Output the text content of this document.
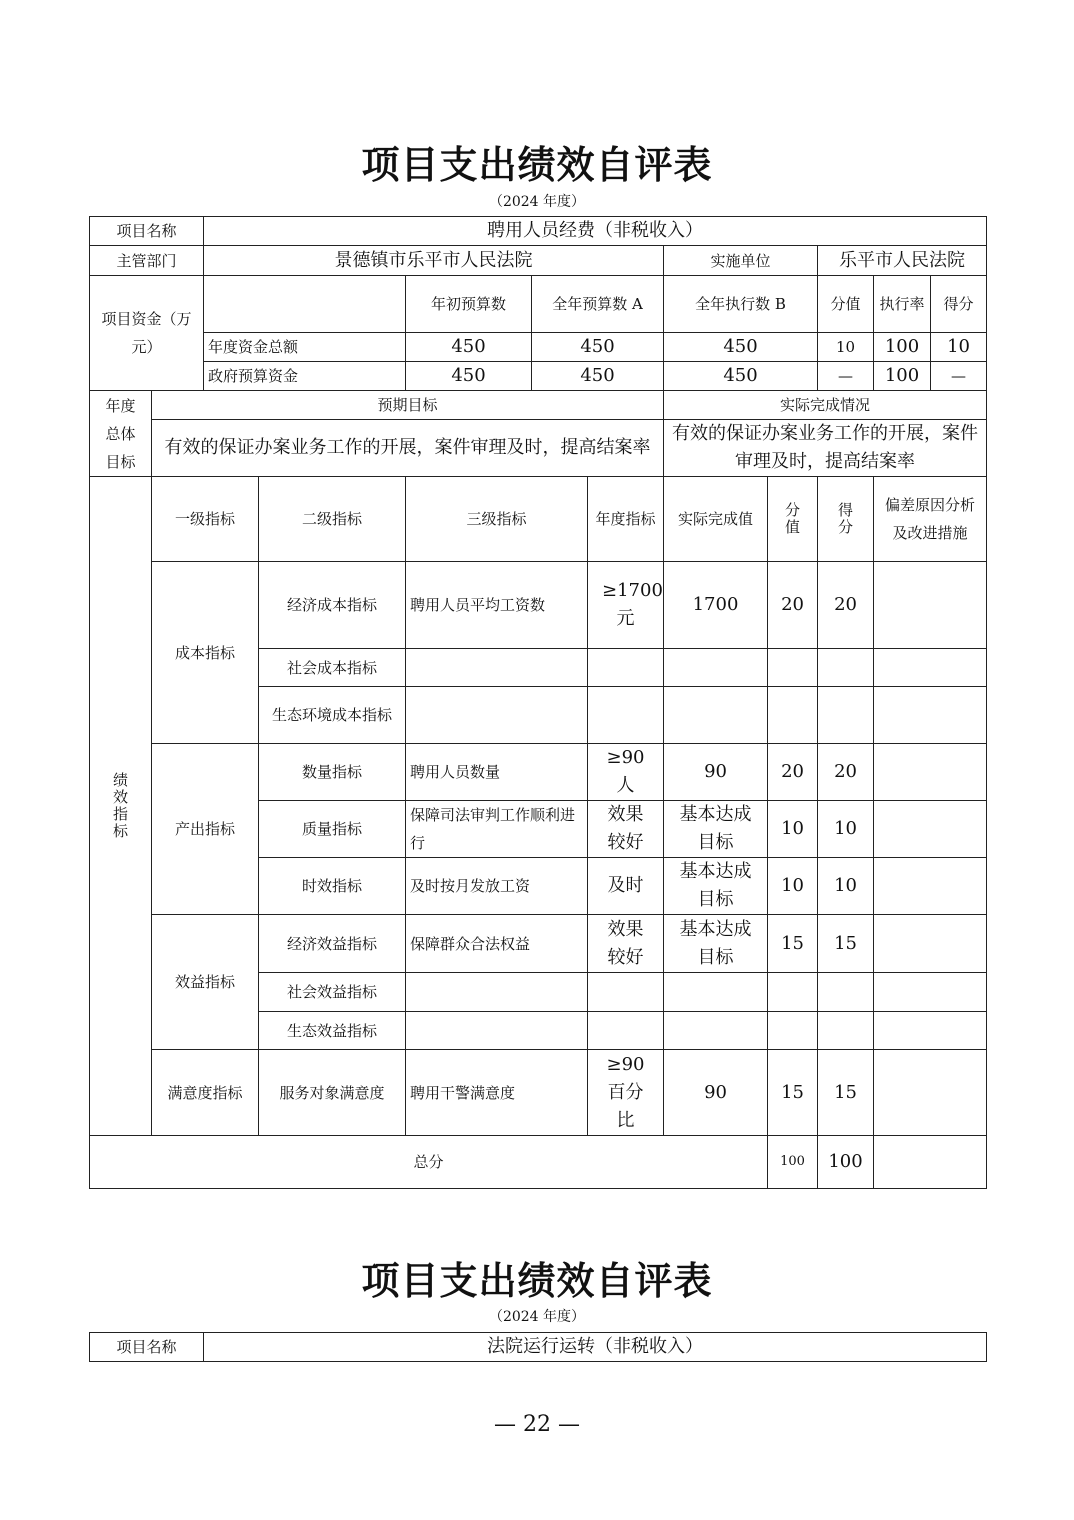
项目支出绩效自评表
（2024 年度）
项目名称		聘用人员经费（非税收入）									
主管部门		景德镇市乐平市人民法院					实施单位		乐平市人民法院		
项目资金（万元）				年初预算数	全年预算数 A		全年执行数 B		分值	执行率	得分
		年度资金总额		450	450		450		10	100	10
		政府预算资金		450	450		450		—	100	—

年度总体目标	预期目标						实际完成情况				
	有效的保证办案业务工作的开展，案件审理及时，提高结案率						有效的保证办案业务工作的开展，案件审理及时，提高结案率				

绩效指标	一级指标		二级指标	三级指标		年度指标	实际完成值	分值	得分	偏差原因分析及改进措施	
	成本指标		经济成本指标	聘用人员平均工资数		≥1700元	1700	20	20		
			社会成本指标								
			生态环境成本指标								
	产出指标		数量指标	聘用人员数量		≥90人	90	20	20		
			质量指标	保障司法审判工作顺利进行		效果较好	基本达成目标	10	10		
			时效指标	及时按月发放工资		及时	基本达成目标	10	10		
	效益指标		经济效益指标	保障群众合法权益		效果较好	基本达成目标	15	15		
			社会效益指标								
			生态效益指标								
	满意度指标		服务对象满意度	聘用干警满意度		≥90百分比	90	15	15		
总分								100	100		
项目支出绩效自评表
（2024 年度）
项目名称	法院运行运转（非税收入）
— 22 —
